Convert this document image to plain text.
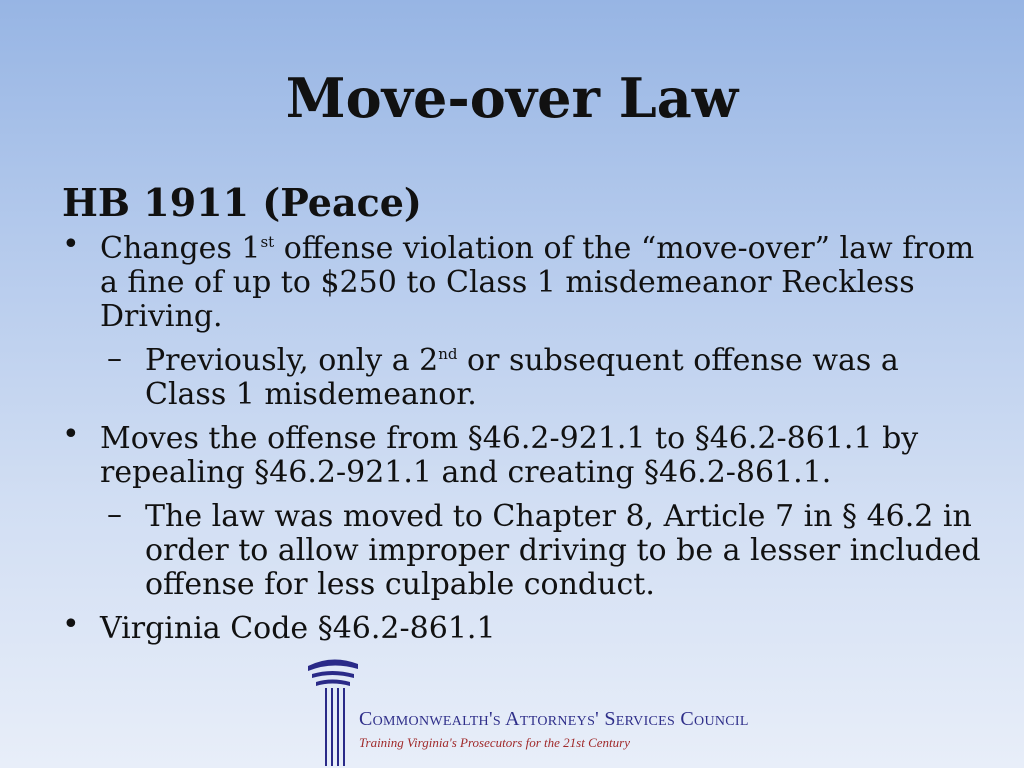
Move-over Law
HB 1911 (Peace)
• Changes 1st offense violation of the “move-over” law from a fine of up to $250 to Class 1 misdemeanor Reckless Driving.
– Previously, only a 2nd or subsequent offense was a Class 1 misdemeanor.
• Moves the offense from §46.2-921.1 to §46.2-861.1 by repealing §46.2-921.1 and creating §46.2-861.1.
– The law was moved to Chapter 8, Article 7 in § 46.2 in order to allow improper driving to be a lesser included offense for less culpable conduct.
• Virginia Code §46.2-861.1
Commonwealth's Attorneys' Services Council
Training Virginia's Prosecutors for the 21st Century
